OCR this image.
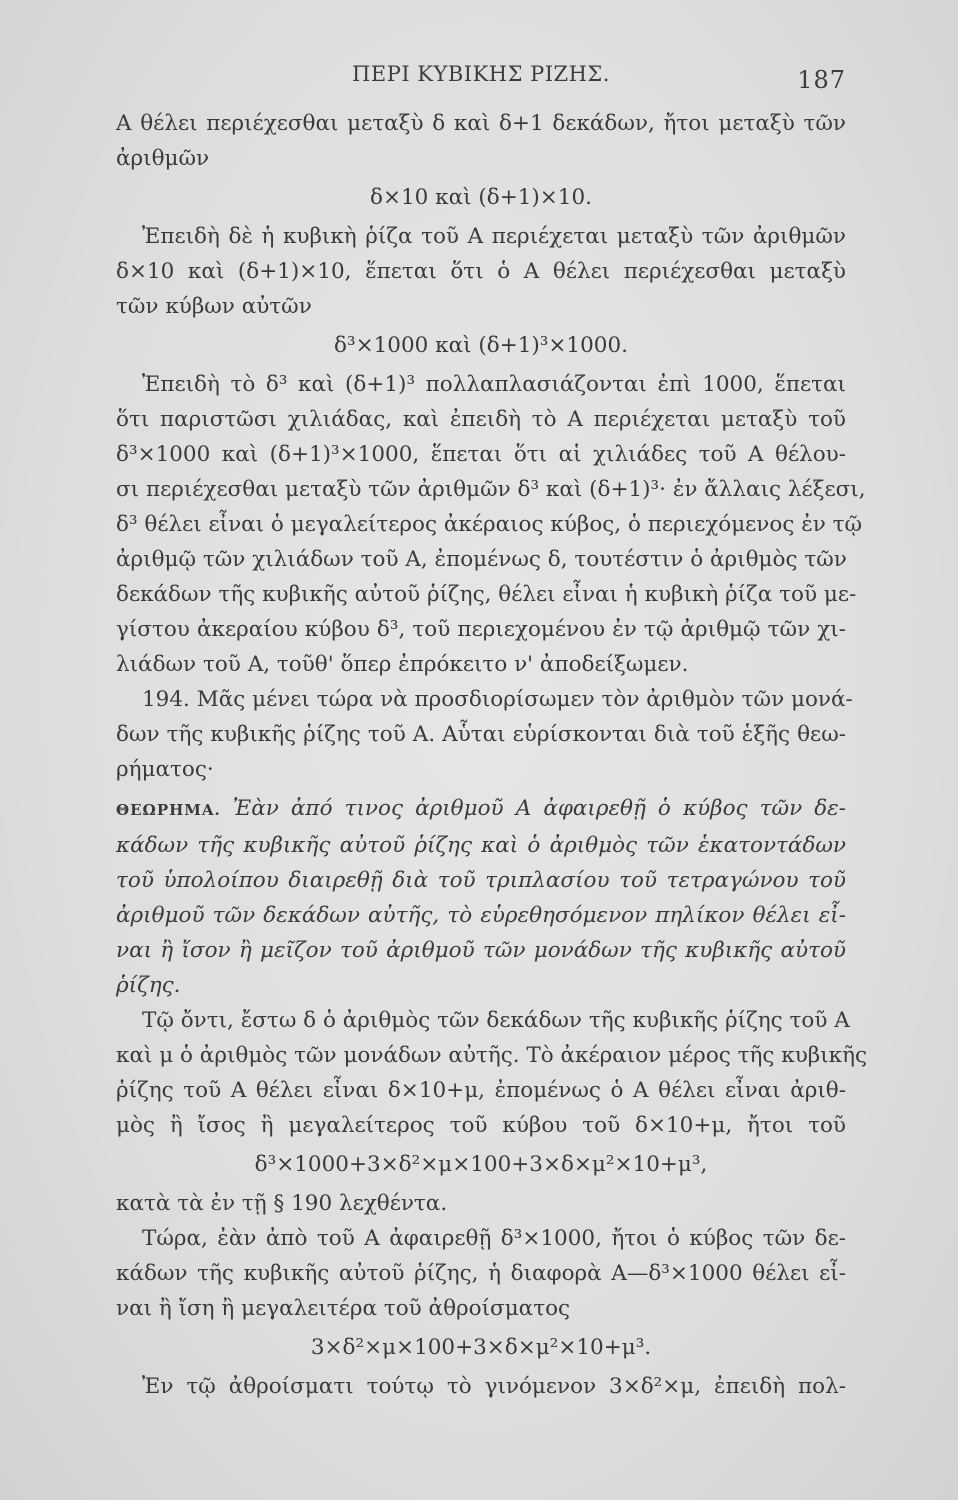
ΠΕΡΙ ΚΥΒΙΚΗΣ ΡΙΖΗΣ.	187
Α θέλει περιέχεσθαι μεταξὺ δ καὶ δ+1 δεκάδων, ἤτοι μεταξὺ τῶν
ἀριθμῶν
δ×10 καὶ (δ+1)×10.
Ἐπειδὴ δὲ ἡ κυβικὴ ῥίζα τοῦ Α περιέχεται μεταξὺ τῶν ἀριθμῶν
δ×10 καὶ (δ+1)×10, ἕπεται ὅτι ὁ Α θέλει περιέχεσθαι μεταξὺ
τῶν κύβων αὐτῶν
δ³×1000 καὶ (δ+1)³×1000.
Ἐπειδὴ τὸ δ³ καὶ (δ+1)³ πολλαπλασιάζονται ἐπὶ 1000, ἕπεται
ὅτι παριστῶσι χιλιάδας, καὶ ἐπειδὴ τὸ Α περιέχεται μεταξὺ τοῦ
δ³×1000 καὶ (δ+1)³×1000, ἕπεται ὅτι αἱ χιλιάδες τοῦ Α θέλου-
σι περιέχεσθαι μεταξὺ τῶν ἀριθμῶν δ³ καὶ (δ+1)³· ἐν ἄλλαις λέξεσι,
δ³ θέλει εἶναι ὁ μεγαλείτερος ἀκέραιος κύβος, ὁ περιεχόμενος ἐν τῷ
ἀριθμῷ τῶν χιλιάδων τοῦ Α, ἐπομένως δ, τουτέστιν ὁ ἀριθμὸς τῶν
δεκάδων τῆς κυβικῆς αὐτοῦ ῥίζης, θέλει εἶναι ἡ κυβικὴ ῥίζα τοῦ με-
γίστου ἀκεραίου κύβου δ³, τοῦ περιεχομένου ἐν τῷ ἀριθμῷ τῶν χι-
λιάδων τοῦ Α, τοῦθ' ὅπερ ἐπρόκειτο ν' ἀποδείξωμεν.
194. Μᾶς μένει τώρα νὰ προσδιορίσωμεν τὸν ἀριθμὸν τῶν μονά-
δων τῆς κυβικῆς ῥίζης τοῦ Α. Αὗται εὑρίσκονται διὰ τοῦ ἑξῆς θεω-
ρήματος·
ΘΕΩΡΗΜΑ. Ἐὰν ἀπό τινος ἀριθμοῦ Α ἀφαιρεθῇ ὁ κύβος τῶν δε-
κάδων τῆς κυβικῆς αὐτοῦ ῥίζης καὶ ὁ ἀριθμὸς τῶν ἑκατοντάδων
τοῦ ὑπολοίπου διαιρεθῇ διὰ τοῦ τριπλασίου τοῦ τετραγώνου τοῦ
ἀριθμοῦ τῶν δεκάδων αὐτῆς, τὸ εὑρεθησόμενον πηλίκον θέλει εἶ-
ναι ἢ ἴσον ἢ μεῖζον τοῦ ἀριθμοῦ τῶν μονάδων τῆς κυβικῆς αὐτοῦ
ῥίζης.
Τῷ ὄντι, ἔστω δ ὁ ἀριθμὸς τῶν δεκάδων τῆς κυβικῆς ῥίζης τοῦ Α
καὶ μ ὁ ἀριθμὸς τῶν μονάδων αὐτῆς. Τὸ ἀκέραιον μέρος τῆς κυβικῆς
ῥίζης τοῦ Α θέλει εἶναι δ×10+μ, ἐπομένως ὁ Α θέλει εἶναι ἀριθ-
μὸς ἢ ἴσος ἢ μεγαλείτερος τοῦ κύβου τοῦ δ×10+μ, ἤτοι τοῦ
δ³×1000+3×δ²×μ×100+3×δ×μ²×10+μ³,
κατὰ τὰ ἐν τῇ § 190 λεχθέντα.
Τώρα, ἐὰν ἀπὸ τοῦ Α ἀφαιρεθῇ δ³×1000, ἤτοι ὁ κύβος τῶν δε-
κάδων τῆς κυβικῆς αὐτοῦ ῥίζης, ἡ διαφορὰ Α—δ³×1000 θέλει εἶ-
ναι ἢ ἴση ἢ μεγαλειτέρα τοῦ ἀθροίσματος
3×δ²×μ×100+3×δ×μ²×10+μ³.
Ἐν τῷ ἀθροίσματι τούτῳ τὸ γινόμενον 3×δ²×μ, ἐπειδὴ πολ-
